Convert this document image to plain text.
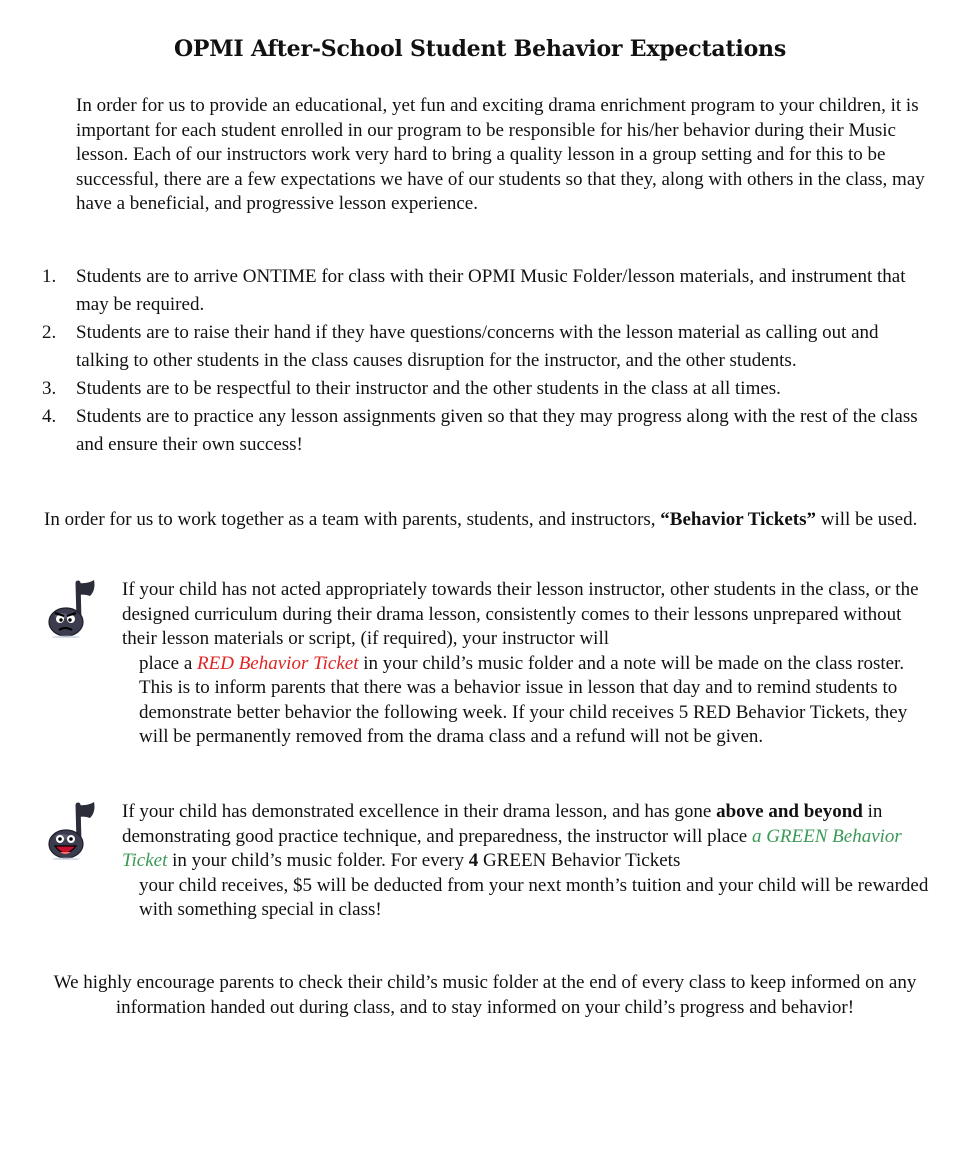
OPMI After-School Student Behavior Expectations

In order for us to provide an educational, yet fun and exciting drama enrichment program to your children, it is important for each student enrolled in our program to be responsible for his/her behavior during their Music lesson. Each of our instructors work very hard to bring a quality lesson in a group setting and for this to be successful, there are a few expectations we have of our students so that they, along with others in the class, may have a beneficial, and progressive lesson experience.

1. Students are to arrive ONTIME for class with their OPMI Music Folder/lesson materials, and instrument that may be required.
2. Students are to raise their hand if they have questions/concerns with the lesson material as calling out and talking to other students in the class causes disruption for the instructor, and the other students.
3. Students are to be respectful to their instructor and the other students in the class at all times.
4. Students are to practice any lesson assignments given so that they may progress along with the rest of the class and ensure their own success!

In order for us to work together as a team with parents, students, and instructors, “Behavior Tickets” will be used.

If your child has not acted appropriately towards their lesson instructor, other students in the class, or the designed curriculum during their drama lesson, consistently comes to their lessons unprepared without their lesson materials or script, (if required), your instructor will
place a RED Behavior Ticket in your child’s music folder and a note will be made on the class roster. This is to inform parents that there was a behavior issue in lesson that day and to remind students to demonstrate better behavior the following week. If your child receives 5 RED Behavior Tickets, they will be permanently removed from the drama class and a refund will not be given.

If your child has demonstrated excellence in their drama lesson, and has gone above and beyond in demonstrating good practice technique, and preparedness, the instructor will place a GREEN Behavior Ticket in your child’s music folder. For every 4 GREEN Behavior Tickets
your child receives, $5 will be deducted from your next month’s tuition and your child will be rewarded with something special in class!

We highly encourage parents to check their child’s music folder at the end of every class to keep informed on any information handed out during class, and to stay informed on your child’s progress and behavior!
